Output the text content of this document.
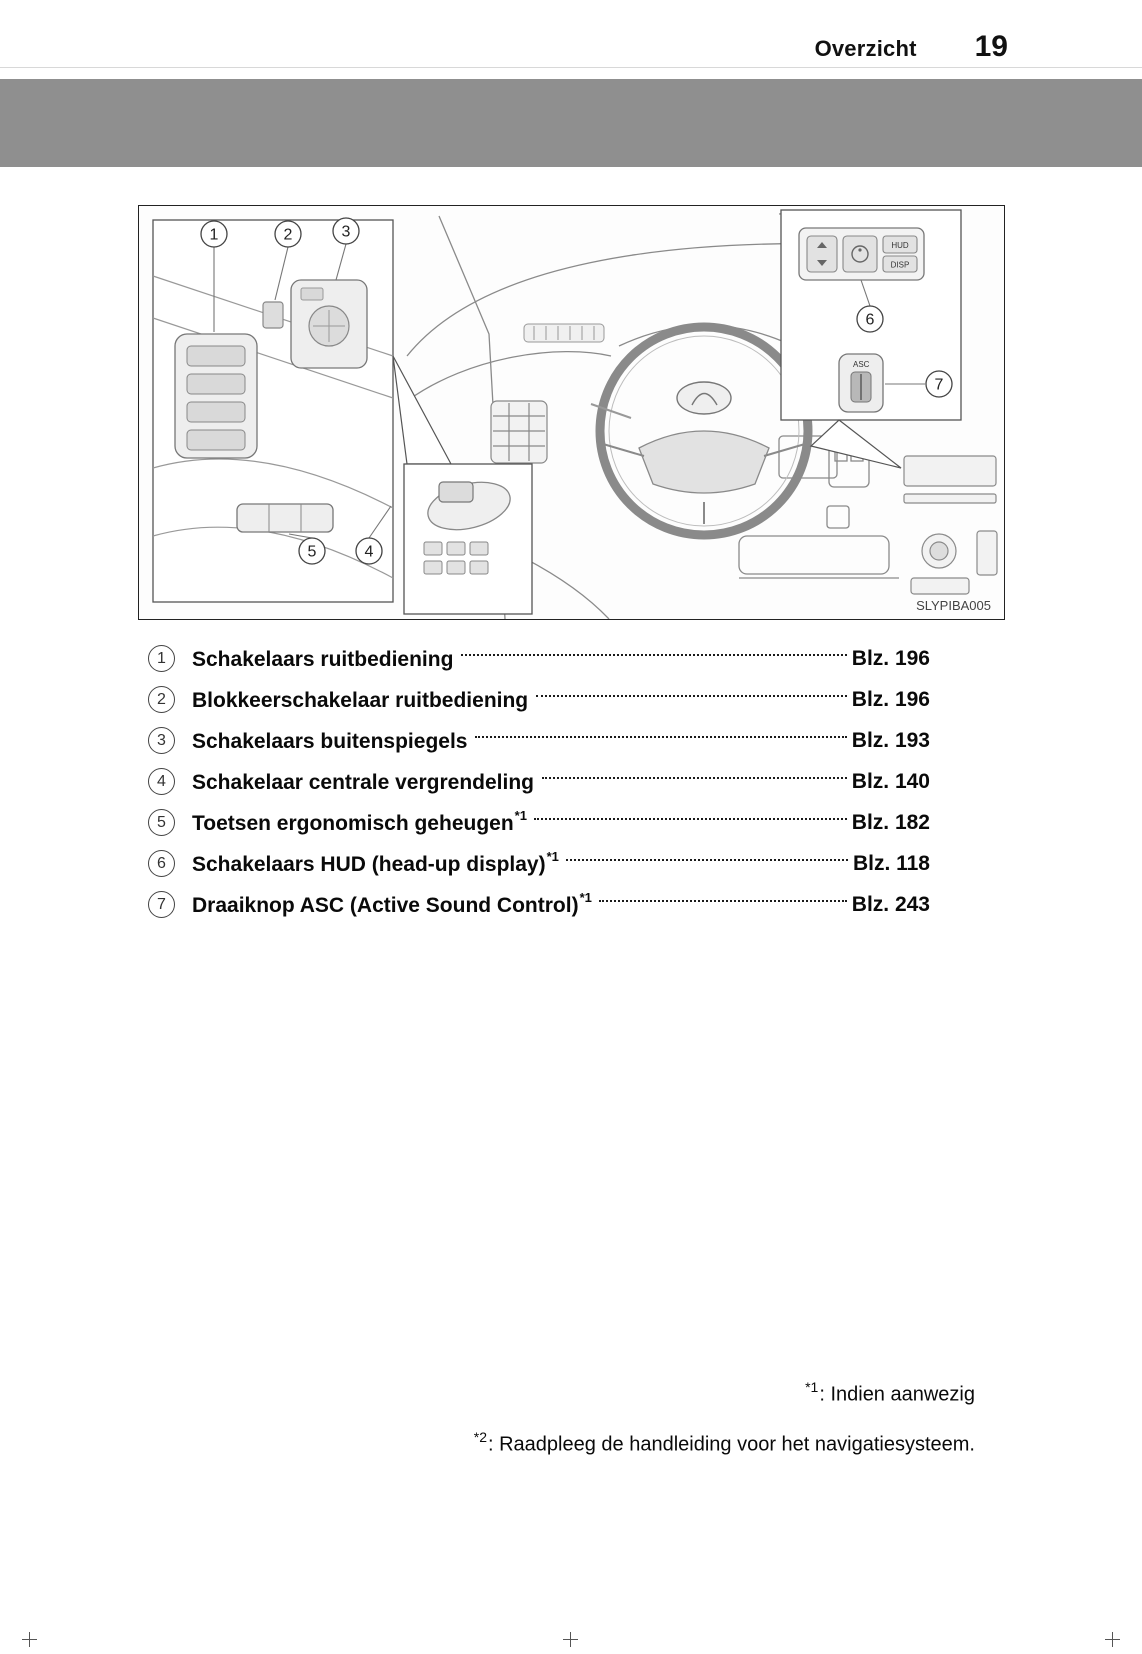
Overzicht 19
HUD
DISP
ASC
1	2	3
5	4
6
7
SLYPIBA005
1	Schakelaars ruitbediening	Blz. 196
2	Blokkeerschakelaar ruitbediening	Blz. 196
3	Schakelaars buitenspiegels	Blz. 193
4	Schakelaar centrale vergrendeling	Blz. 140
5	Toetsen ergonomisch geheugen$^{*1}$	Blz. 182
6	Schakelaars HUD (head-up display)$^{*1}$	Blz. 118
7	Draaiknop ASC (Active Sound Control)$^{*1}$	Blz. 243
$^{*1}$: Indien aanwezig
$^{*2}$: Raadpleeg de handleiding voor het navigatiesysteem.
